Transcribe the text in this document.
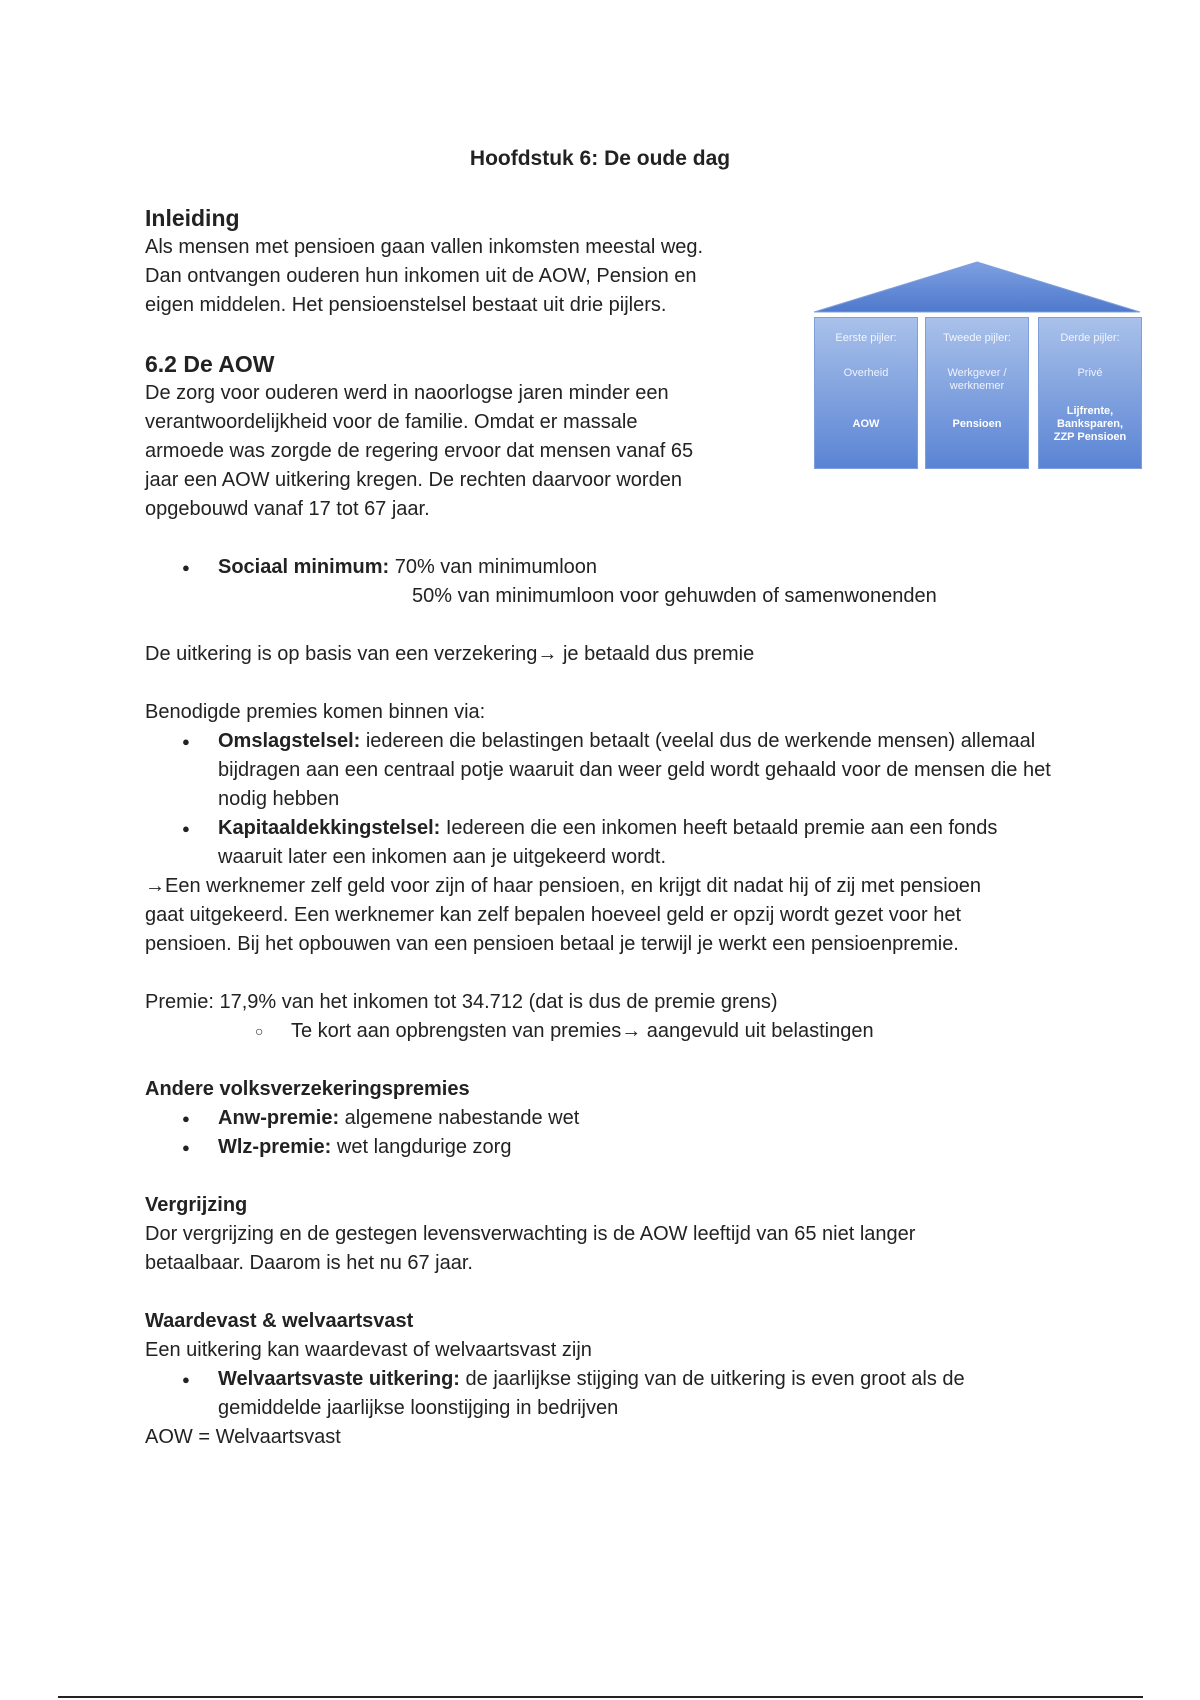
Hoofdstuk 6: De oude dag
Eerste pijler:
Overheid
AOW
Tweede pijler:
Werkgever / werknemer
Pensioen
Derde pijler:
Privé
Lijfrente, Banksparen, ZZP Pensioen
Inleiding

Als mensen met pensioen gaan vallen inkomsten meestal weg.

Dan ontvangen ouderen hun inkomen uit de AOW, Pension en

eigen middelen. Het pensioenstelsel bestaat uit drie pijlers.

6.2 De AOW

De zorg voor ouderen werd in naoorlogse jaren minder een

verantwoordelijkheid voor de familie. Omdat er massale

armoede was zorgde de regering ervoor dat mensen vanaf 65

jaar een AOW uitkering kregen. De rechten daarvoor worden

opgebouwd vanaf 17 tot 67 jaar.

● Sociaal minimum: 70% van minimumloon

50% van minimumloon voor gehuwden of samenwonenden

De uitkering is op basis van een verzekering→ je betaald dus premie

Benodigde premies komen binnen via:

● Omslagstelsel: iedereen die belastingen betaalt (veelal dus de werkende mensen) allemaal bijdragen aan een centraal potje waaruit dan weer geld wordt gehaald voor de mensen die het nodig hebben
● Kapitaaldekkingstelsel: Iedereen die een inkomen heeft betaald premie aan een fonds waaruit later een inkomen aan je uitgekeerd wordt.

→Een werknemer zelf geld voor zijn of haar pensioen, en krijgt dit nadat hij of zij met pensioen gaat uitgekeerd. Een werknemer kan zelf bepalen hoeveel geld er opzij wordt gezet voor het pensioen. Bij het opbouwen van een pensioen betaal je terwijl je werkt een pensioenpremie.

Premie: 17,9% van het inkomen tot 34.712 (dat is dus de premie grens)

○ Te kort aan opbrengsten van premies→ aangevuld uit belastingen
Andere volksverzekeringspremies
● Anw-premie: algemene nabestande wet
● Wlz-premie: wet langdurige zorg
Vergrijzing

Dor vergrijzing en de gestegen levensverwachting is de AOW leeftijd van 65 niet langer betaalbaar. Daarom is het nu 67 jaar.

Waardevast & welvaartsvast

Een uitkering kan waardevast of welvaartsvast zijn

● Welvaartsvaste uitkering: de jaarlijkse stijging van de uitkering is even groot als de gemiddelde jaarlijkse loonstijging in bedrijven

AOW = Welvaartsvast
